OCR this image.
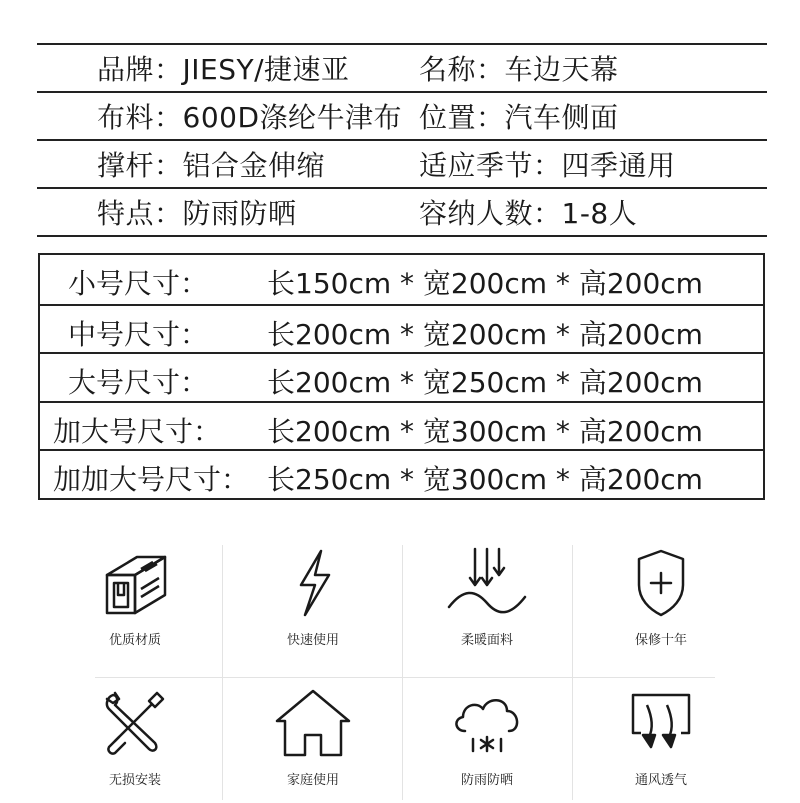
品牌：JIESY/捷速亚 名称：车边天幕
布料：600D涤纶牛津布 位置：汽车侧面
撑杆：铝合金伸缩	适应季节：四季通用
特点：防雨防晒	容纳人数：1-8人
小号尺寸： 长150cm * 宽200cm * 高200cm
中号尺寸： 长200cm * 宽200cm * 高200cm
大号尺寸： 长200cm * 宽250cm * 高200cm
加大号尺寸： 长200cm * 宽300cm * 高200cm
加加大号尺寸： 长250cm * 宽300cm * 高200cm
优质材质	快速使用	柔暖面料	保修十年
无损安装	家庭使用	防雨防晒	通风透气
